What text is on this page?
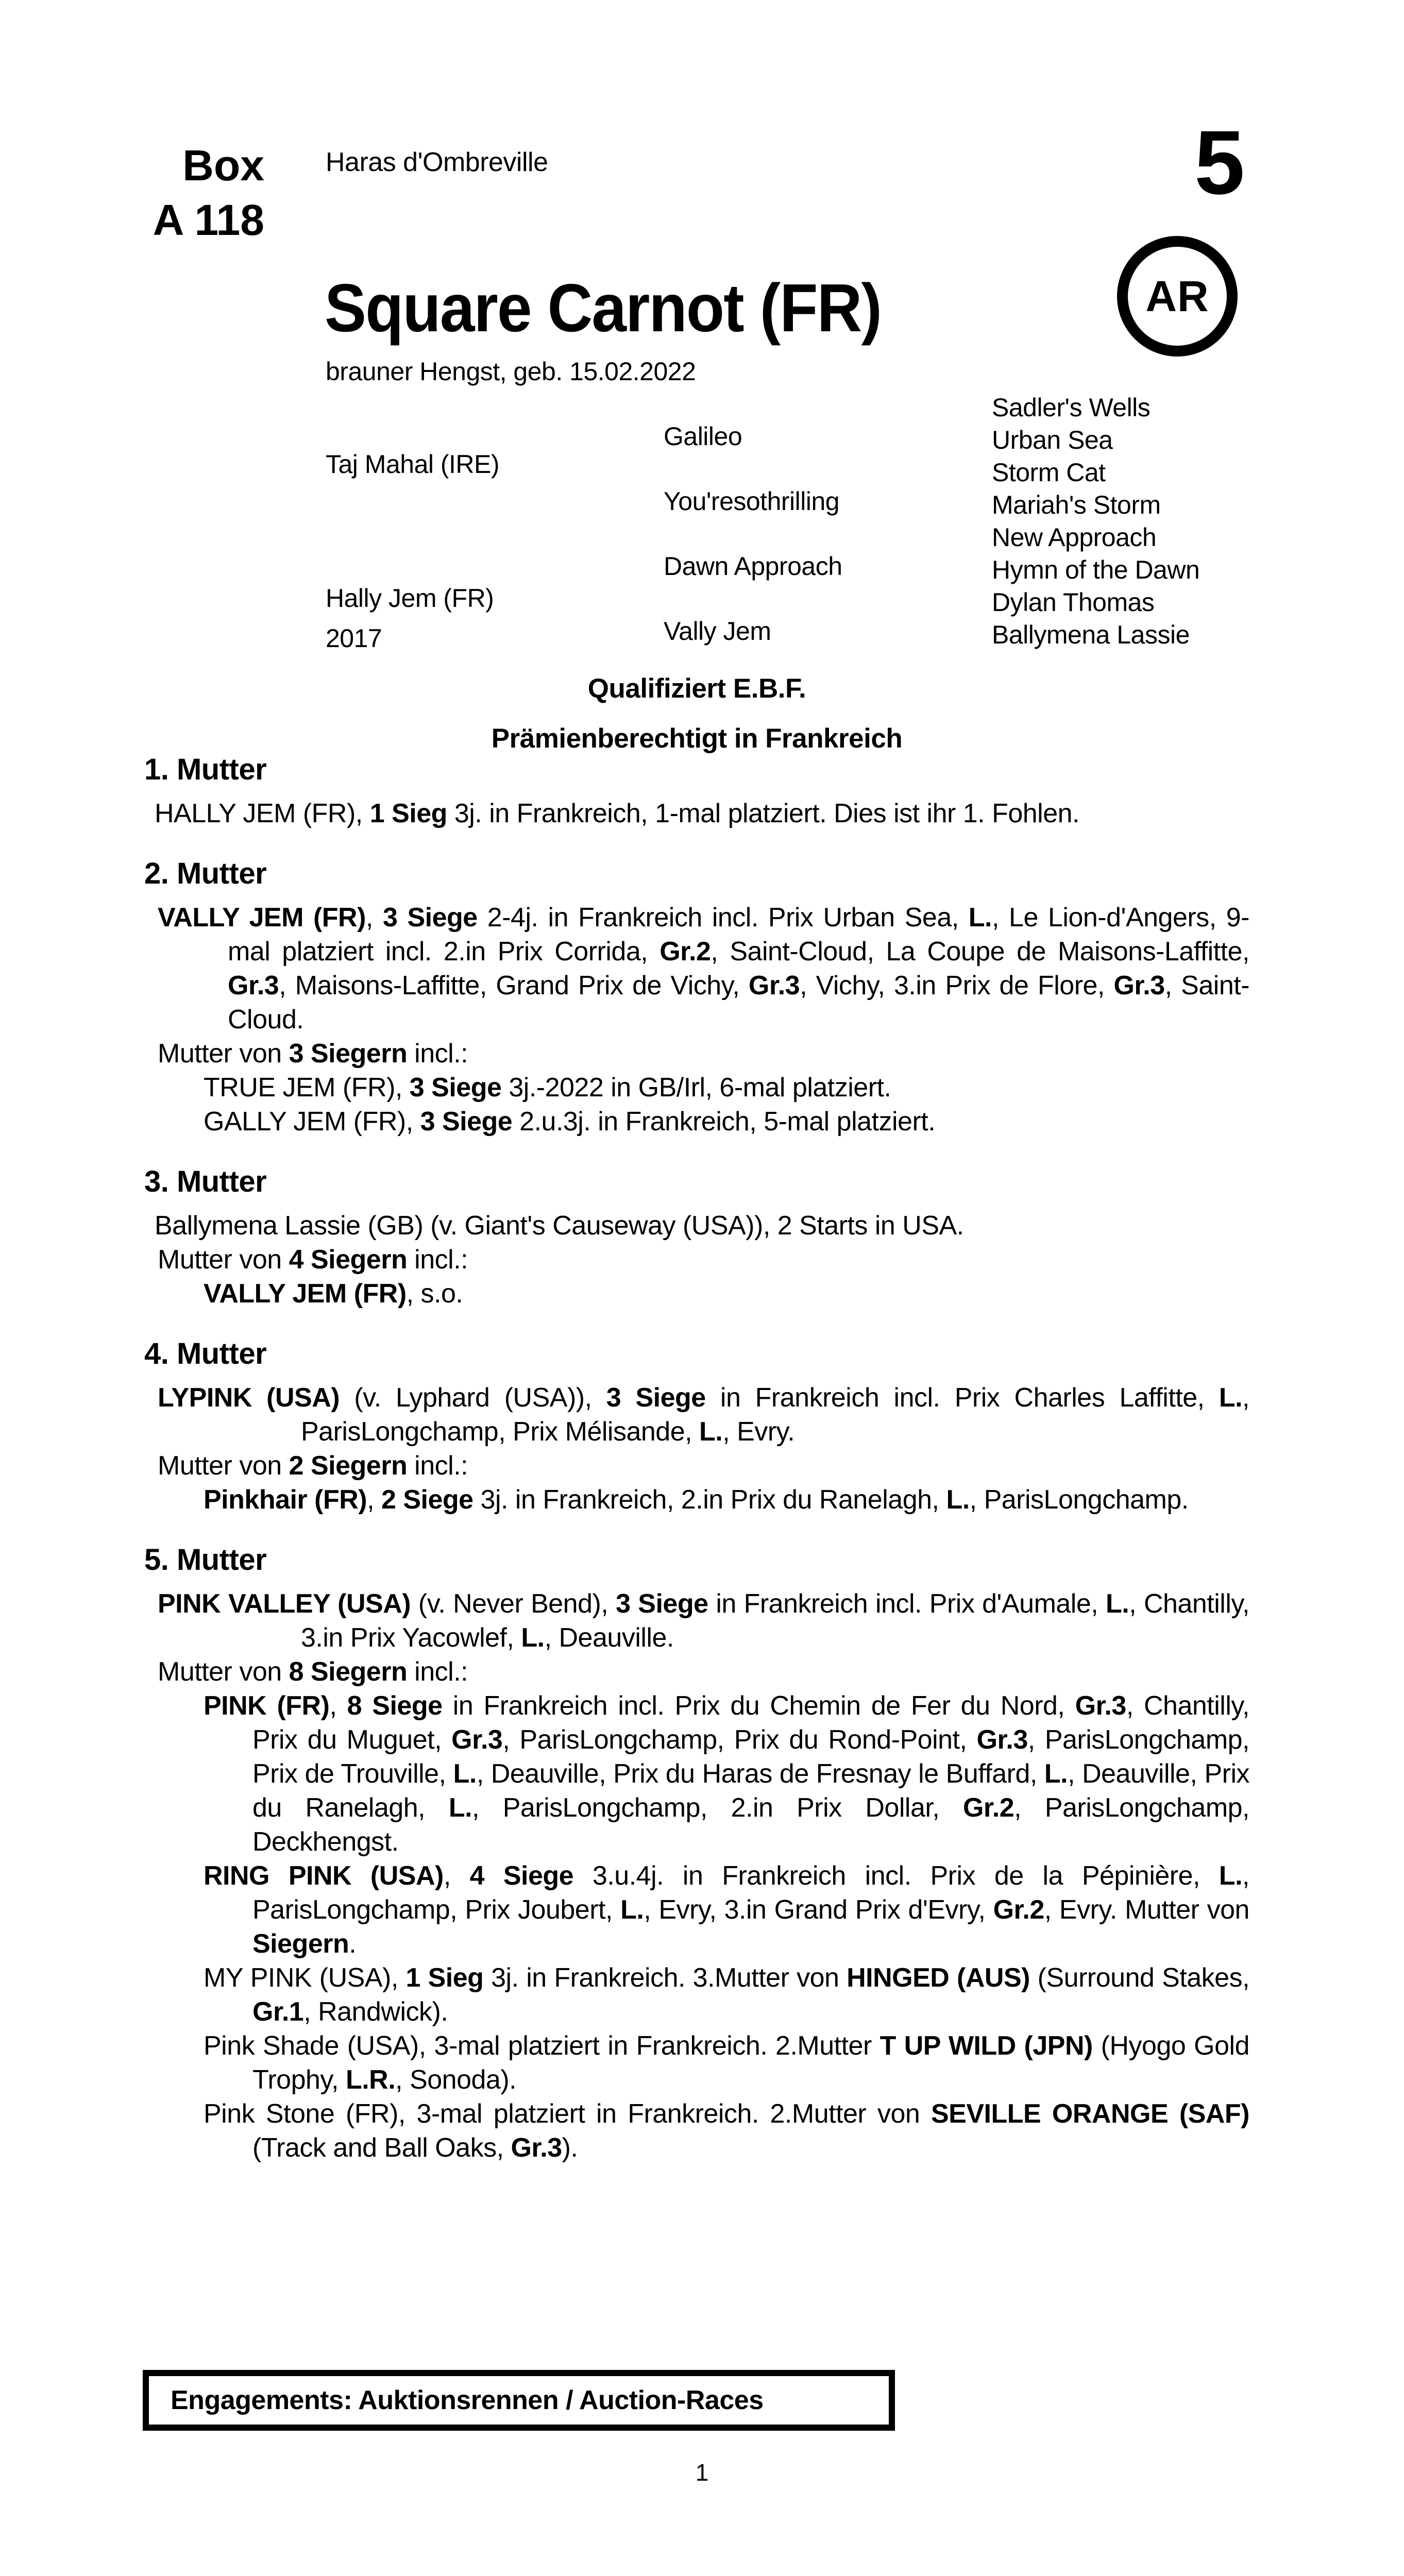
Box
A 118
Haras d'Ombreville	5
Square Carnot (FR)	AR
brauner Hengst, geb. 15.02.2022
Taj Mahal (IRE)
Hally Jem (FR)
2017
Galileo
You'resothrilling
Dawn Approach
Vally Jem
Sadler's Wells
Urban Sea
Storm Cat
Mariah's Storm
New Approach
Hymn of the Dawn
Dylan Thomas
Ballymena Lassie
Qualifiziert E.B.F.
Prämienberechtigt in Frankreich
1. Mutter

HALLY JEM (FR), 1 Sieg 3j. in Frankreich, 1-mal platziert. Dies ist ihr 1. Fohlen.

2. Mutter

VALLY JEM (FR), 3 Siege 2-4j. in Frankreich incl. Prix Urban Sea, L., Le Lion-d'Angers, 9-mal platziert incl. 2.in Prix Corrida, Gr.2, Saint-Cloud, La Coupe de Maisons-Laffitte, Gr.3, Maisons-Laffitte, Grand Prix de Vichy, Gr.3, Vichy, 3.in Prix de Flore, Gr.3, Saint-Cloud.

Mutter von 3 Siegern incl.:

TRUE JEM (FR), 3 Siege 3j.-2022 in GB/Irl, 6-mal platziert.

GALLY JEM (FR), 3 Siege 2.u.3j. in Frankreich, 5-mal platziert.

3. Mutter

Ballymena Lassie (GB) (v. Giant's Causeway (USA)), 2 Starts in USA.

Mutter von 4 Siegern incl.:

VALLY JEM (FR), s.o.

4. Mutter

LYPINK (USA) (v. Lyphard (USA)), 3 Siege in Frankreich incl. Prix Charles Laffitte, L., ParisLongchamp, Prix Mélisande, L., Evry.

Mutter von 2 Siegern incl.:

Pinkhair (FR), 2 Siege 3j. in Frankreich, 2.in Prix du Ranelagh, L., ParisLongchamp.

5. Mutter

PINK VALLEY (USA) (v. Never Bend), 3 Siege in Frankreich incl. Prix d'Aumale, L., Chantilly, 3.in Prix Yacowlef, L., Deauville.

Mutter von 8 Siegern incl.:

PINK (FR), 8 Siege in Frankreich incl. Prix du Chemin de Fer du Nord, Gr.3, Chantilly, Prix du Muguet, Gr.3, ParisLongchamp, Prix du Rond-Point, Gr.3, ParisLongchamp, Prix de Trouville, L., Deauville, Prix du Haras de Fresnay le Buffard, L., Deauville, Prix du Ranelagh, L., ParisLongchamp, 2.in Prix Dollar, Gr.2, ParisLongchamp, Deckhengst.

RING PINK (USA), 4 Siege 3.u.4j. in Frankreich incl. Prix de la Pépinière, L., ParisLongchamp, Prix Joubert, L., Evry, 3.in Grand Prix d'Evry, Gr.2, Evry. Mutter von Siegern.

MY PINK (USA), 1 Sieg 3j. in Frankreich. 3.Mutter von HINGED (AUS) (Surround Stakes, Gr.1, Randwick).

Pink Shade (USA), 3-mal platziert in Frankreich. 2.Mutter T UP WILD (JPN) (Hyogo Gold Trophy, L.R., Sonoda).

Pink Stone (FR), 3-mal platziert in Frankreich. 2.Mutter von SEVILLE ORANGE (SAF) (Track and Ball Oaks, Gr.3).

Engagements: Auktionsrennen / Auction-Races
1
